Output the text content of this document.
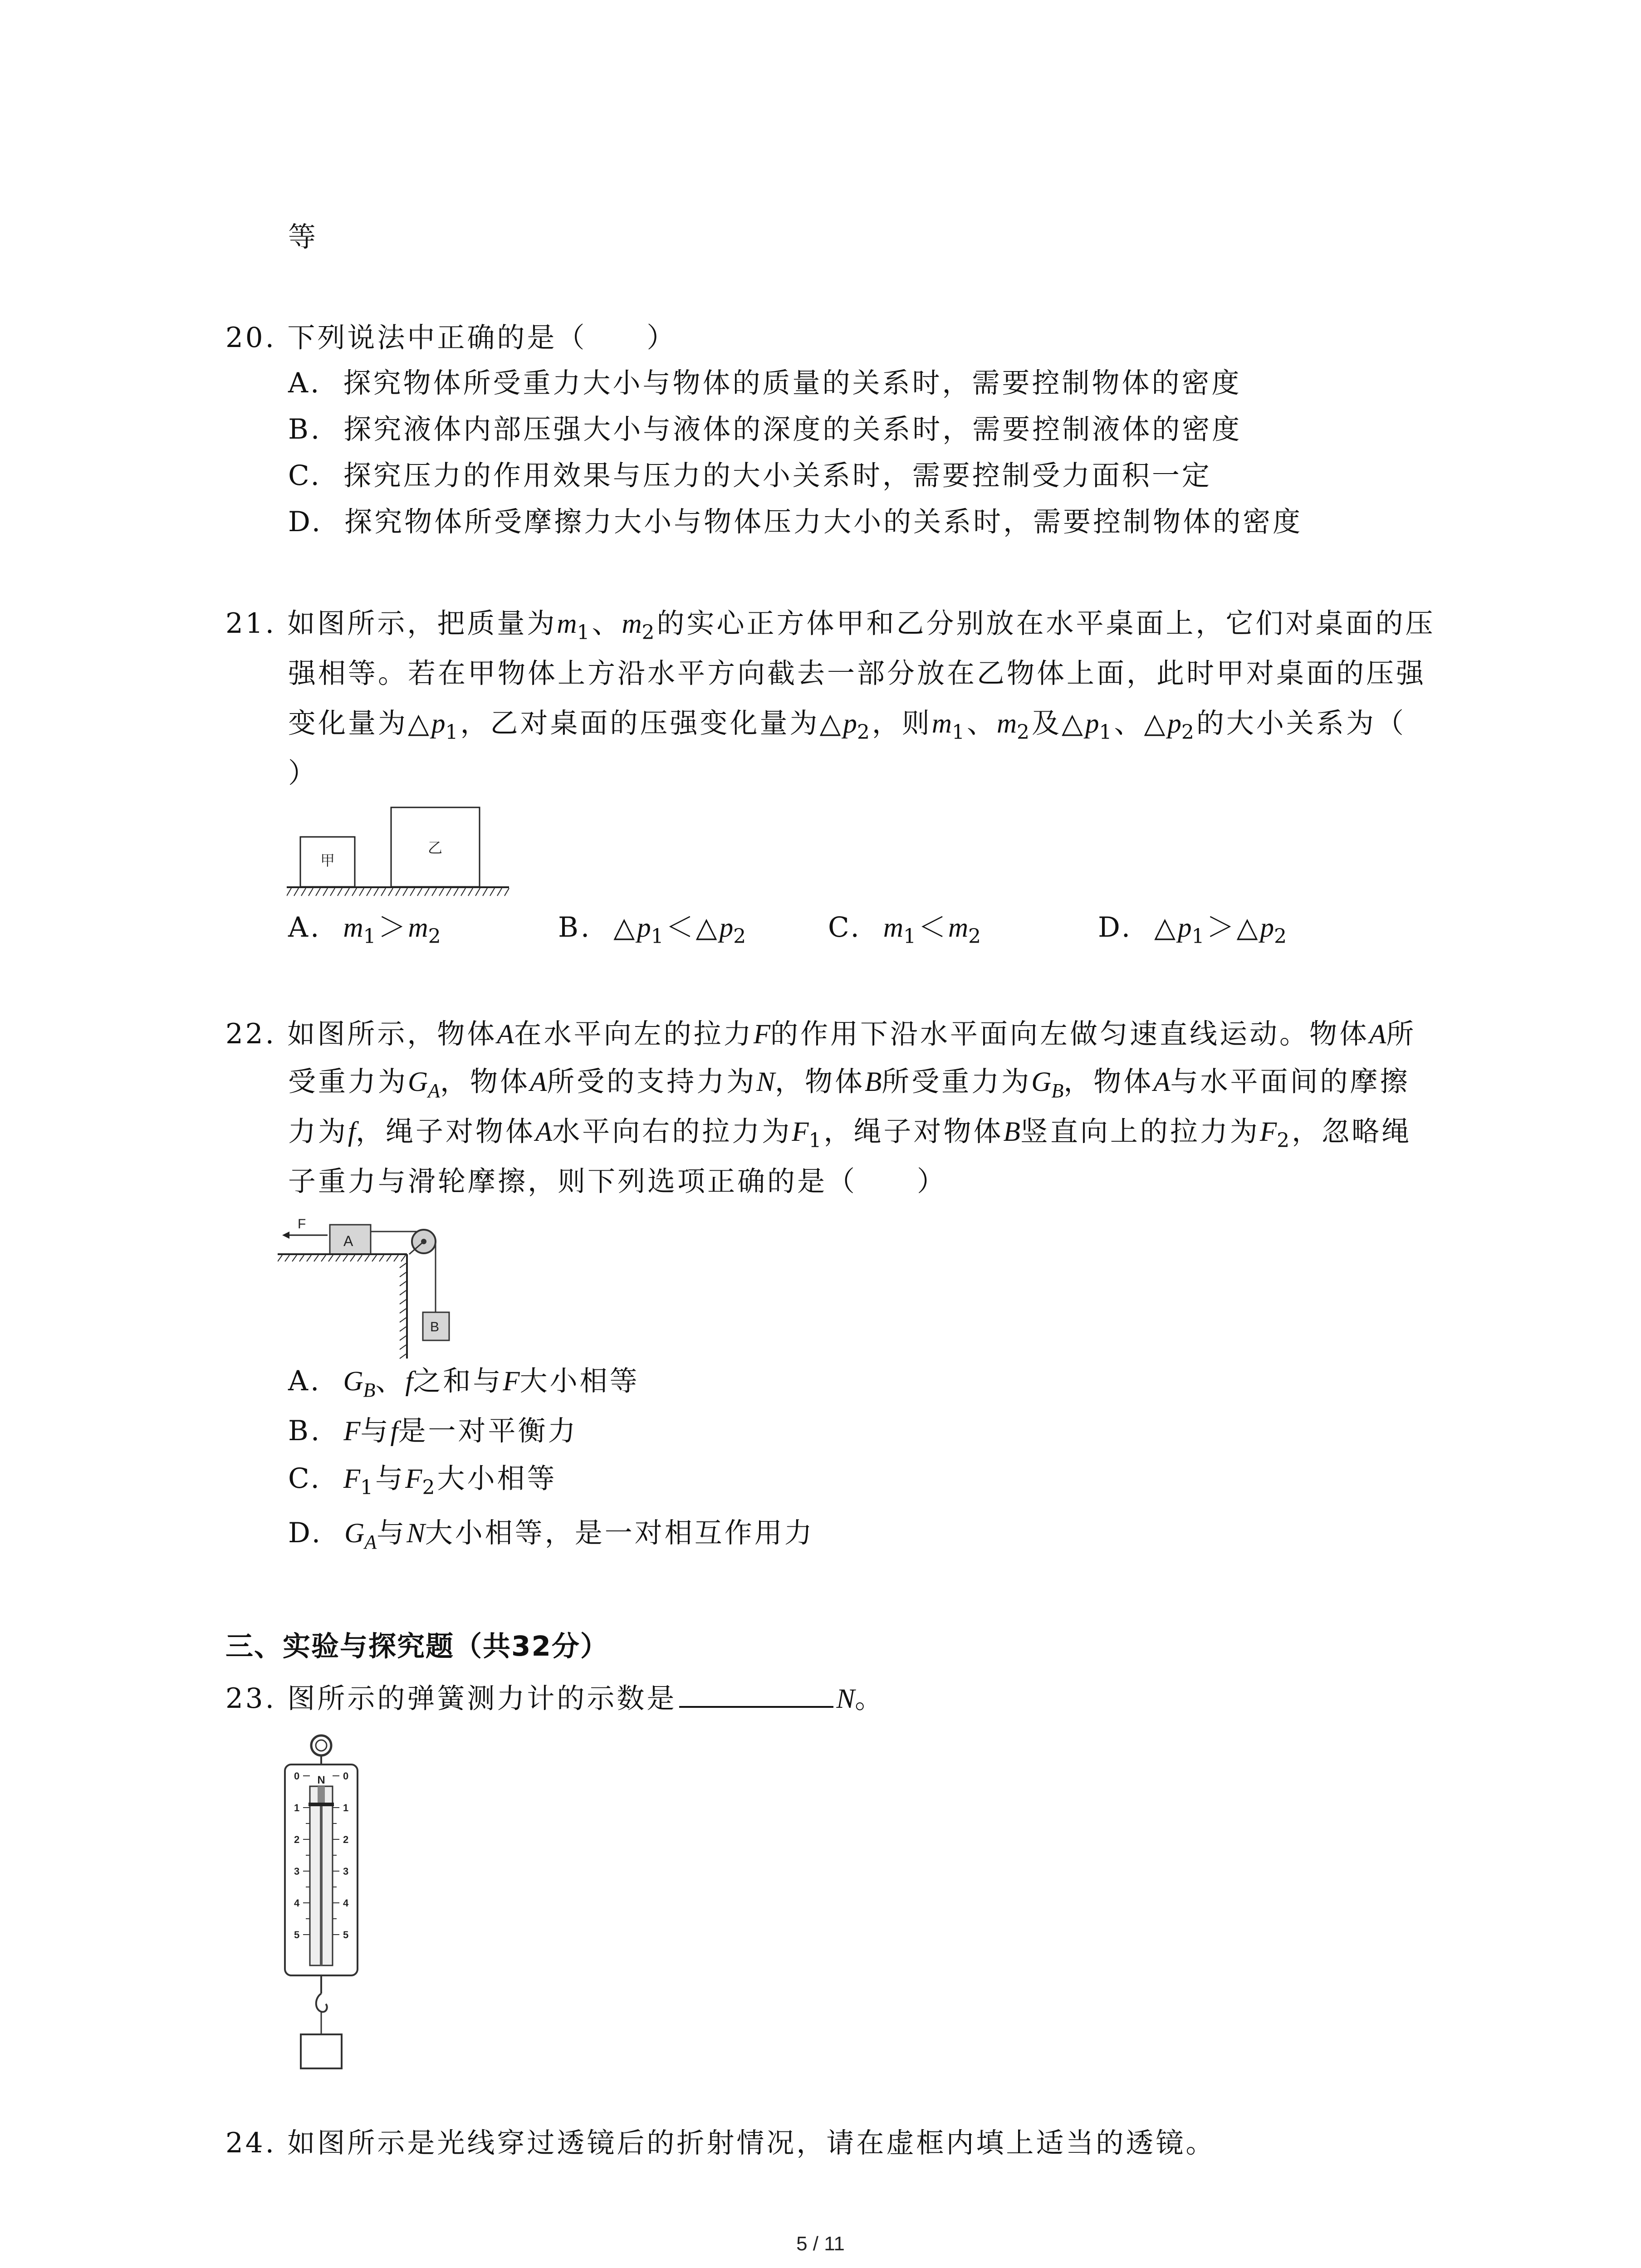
等
20. 下列说法中正确的是（　　）
A. 探究物体所受重力大小与物体的质量的关系时，需要控制物体的密度
B. 探究液体内部压强大小与液体的深度的关系时，需要控制液体的密度
C. 探究压力的作用效果与压力的大小关系时，需要控制受力面积一定
D. 探究物体所受摩擦力大小与物体压力大小的关系时，需要控制物体的密度
21. 如图所示，把质量为$m_1$、$m_2$的实心正方体甲和乙分别放在水平桌面上，它们对桌面的压
强相等。若在甲物体上方沿水平方向截去一部分放在乙物体上面，此时甲对桌面的压强
变化量为$\triangle p_1$，乙对桌面的压强变化量为$\triangle p_2$，则$m_1$、$m_2$及$\triangle p_1$、$\triangle p_2$的大小关系为（
）
甲
乙
A. $m_1>m_2$	B. $\triangle p_1<\triangle p_2$	C. $m_1<m_2$	D. $\triangle p_1>\triangle p_2$
22. 如图所示，物体A在水平向左的拉力F的作用下沿水平面向左做匀速直线运动。物体A所
受重力为$G_A$，物体A所受的支持力为N，物体B所受重力为$G_B$，物体A与水平面间的摩擦
力为f，绳子对物体A水平向右的拉力为$F_1$，绳子对物体B竖直向上的拉力为$F_2$，忽略绳
子重力与滑轮摩擦，则下列选项正确的是（　　）
F
A
B
A. $G_B$、f之和与F大小相等
B. F与f是一对平衡力
C. $F_1$与$F_2$大小相等
D. $G_A$与N大小相等，是一对相互作用力
三、实验与探究题（共32分）
23. 图所示的弹簧测力计的示数是	N。
N
0	0
1	1
2	2
3	3
4	4
5	5
24. 如图所示是光线穿过透镜后的折射情况，请在虚框内填上适当的透镜。
5 / 11
